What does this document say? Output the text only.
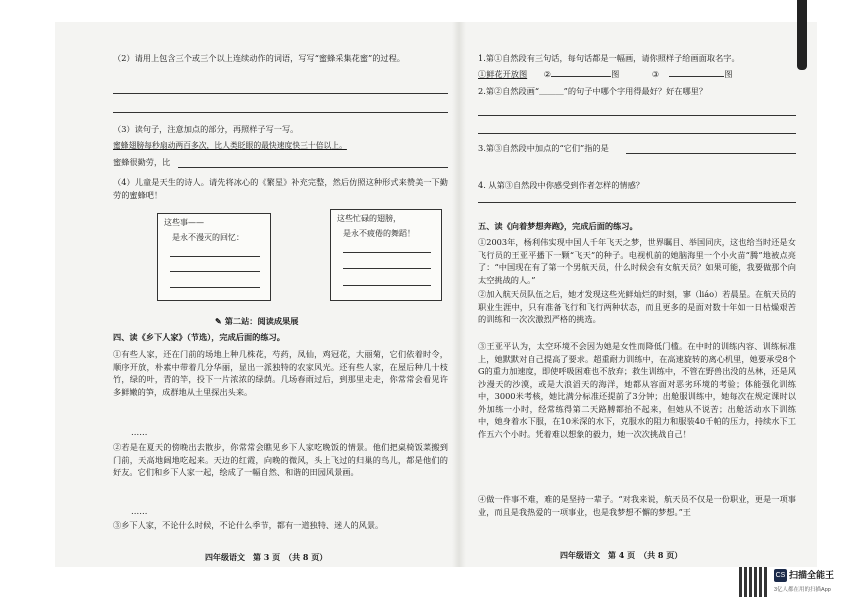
（2）请用上包含三个或三个以上连续动作的词语，写写“蜜蜂采集花蜜”的过程。
（3）读句子，注意加点的部分，再照样子写一写。
蜜蜂翅膀每秒扇动两百多次，比人类眨眼的最快速度快三十倍以上。
蜜蜂很勤劳，比
（4）儿童是天生的诗人。请先将冰心的《繁星》补充完整，然后仿照这种形式来赞美一下勤劳的蜜蜂吧！
这些事——
是永不漫灭的回忆：
这些忙碌的翅膀，
是永不疲倦的舞蹈！
✎ 第二站：阅读成果展
四、读《乡下人家》（节选），完成后面的练习。
①有些人家，还在门前的场地上种几株花，芍药，凤仙，鸡冠花，大丽菊，它们依着时令，顺序开放，朴素中带着几分华丽，显出一派独特的农家风光。还有些人家，在屋后种几十枝竹，绿的叶，青的竿，投下一片浓浓的绿荫。几场春雨过后，到那里走走，你常常会看见许多鲜嫩的笋，成群地从土里探出头来。
……
②若是在夏天的傍晚出去散步，你常常会瞧见乡下人家吃晚饭的情景。他们把桌椅饭菜搬到门前，天高地阔地吃起来。天边的红霞，向晚的微风，头上飞过的归巢的鸟儿，都是他们的好友。它们和乡下人家一起，绘成了一幅自然、和谐的田园风景画。
……
③乡下人家，不论什么时候，不论什么季节，都有一道独特、迷人的风景。
四年级语文　第 3 页　（共 8 页）
1.第①自然段有三句话，每句话都是一幅画，请你照样子给画面取名字。
①鲜花开放图 ②	图	③	图
2.第②自然段画“＿＿＿”的句子中哪个字用得最好？好在哪里？
3.第③自然段中加点的“它们”指的是
4. 从第③自然段中你感受到作者怎样的情感？
五、读《向着梦想奔跑》，完成后面的练习。
①2003年，杨利伟实现中国人千年飞天之梦，世界瞩目、举国同庆，这也给当时还是女飞行员的王亚平播下一颗“飞天”的种子。电视机前的她脑海里一个小火苗“腾”地被点亮了：“中国现在有了第一个男航天员，什么时候会有女航天员？如果可能，我要做那个向太空挑战的人。”
②加入航天员队伍之后，她才发现这些光鲜灿烂的时刻，寥（liáo）若晨星。在航天员的职业生涯中，只有准备飞行和飞行两种状态，而且更多的是面对数十年如一日枯燥艰苦的训练和一次次激烈严格的挑选。
③王亚平认为，太空环境不会因为她是女性而降低门槛。在中时的训练内容、训练标准上，她默默对自己提高了要求。超重耐力训练中，在高速旋转的离心机里，她要承受8个G的重力加速度，即使呼吸困难也不放弃；救生训练中，不管在野兽出没的丛林，还是风沙漫天的沙漠，或是大浪滔天的海洋，她都从容面对恶劣环境的考验；体能强化训练中，3000米考核，她比满分标准还提前了3分钟；出舱服训练中，她每次在规定课时以外加练一小时，经常练得第二天路膊都抬不起来，但她从不说苦；出舱活动水下训练中，她身着水下服，在10米深的水下，克服水的阻力和服装40千帕的压力，持续水下工作五六个小时。凭着难以想象的毅力，她一次次挑战自己！
④做一件事不难，难的是坚持一辈子。“对我来说，航天员不仅是一份职业，更是一项事业，而且是我热爱的一项事业，也是我梦想不懈的梦想。”王
四年级语文　第 4 页　（共 8 页）
CS 扫描全能王
3亿人都在用的扫描App
